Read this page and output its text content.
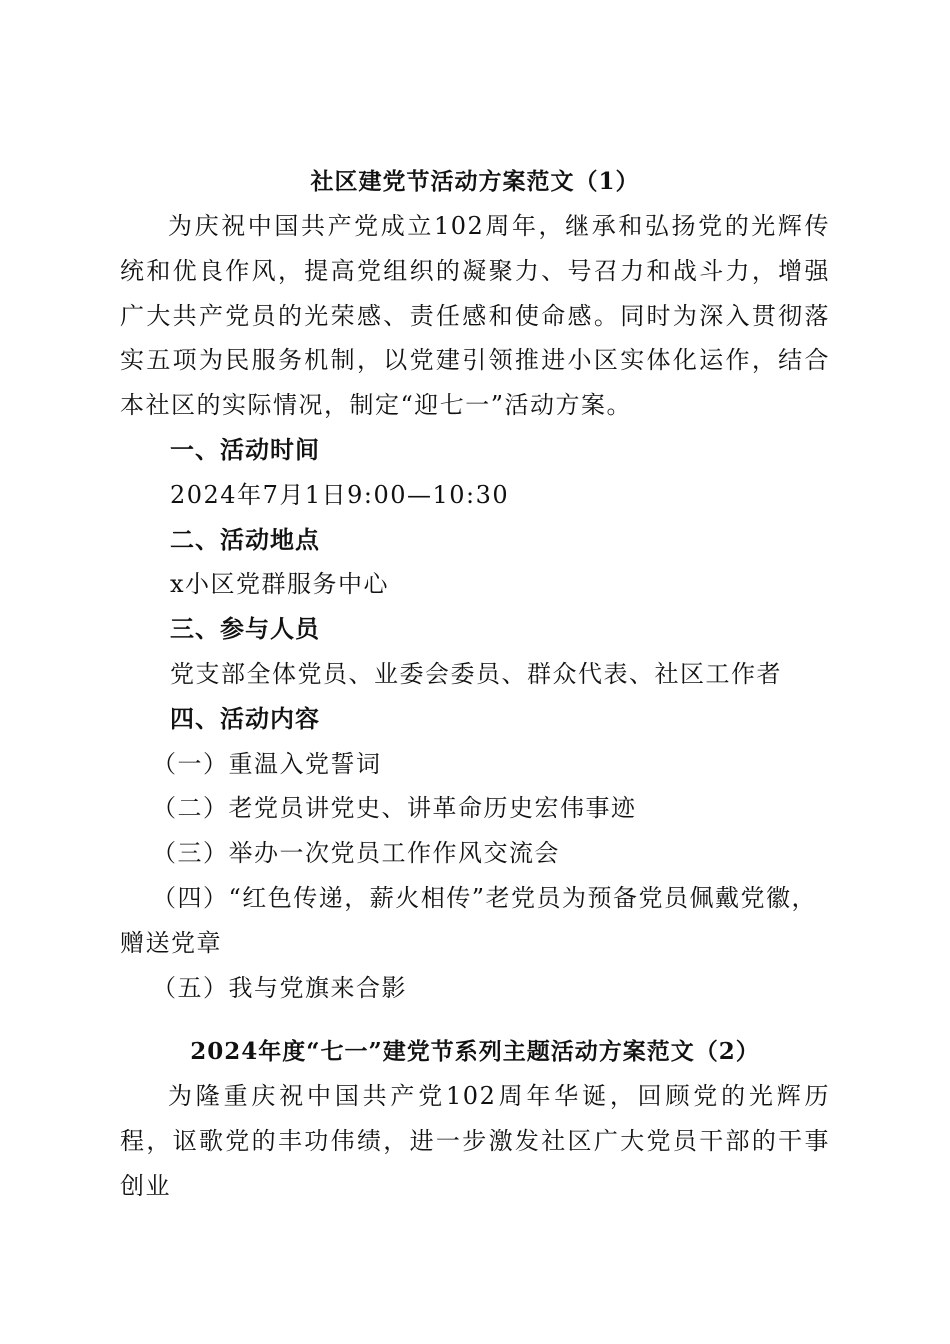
社区建党节活动方案范文（1）

为庆祝中国共产党成立102周年，继承和弘扬党的光辉传统和优良作风，提高党组织的凝聚力、号召力和战斗力，增强广大共产党员的光荣感、责任感和使命感。同时为深入贯彻落实五项为民服务机制，以党建引领推进小区实体化运作，结合本社区的实际情况，制定“迎七一”活动方案。

一、活动时间

2024年7月1日9:00—10:30

二、活动地点

x小区党群服务中心

三、参与人员

党支部全体党员、业委会委员、群众代表、社区工作者

四、活动内容

（一）重温入党誓词

（二）老党员讲党史、讲革命历史宏伟事迹

（三）举办一次党员工作作风交流会

（四）“红色传递，薪火相传”老党员为预备党员佩戴党徽，赠送党章

（五）我与党旗来合影

2024年度“七一”建党节系列主题活动方案范文（2）

为隆重庆祝中国共产党102周年华诞，回顾党的光辉历程，讴歌党的丰功伟绩，进一步激发社区广大党员干部的干事创业
